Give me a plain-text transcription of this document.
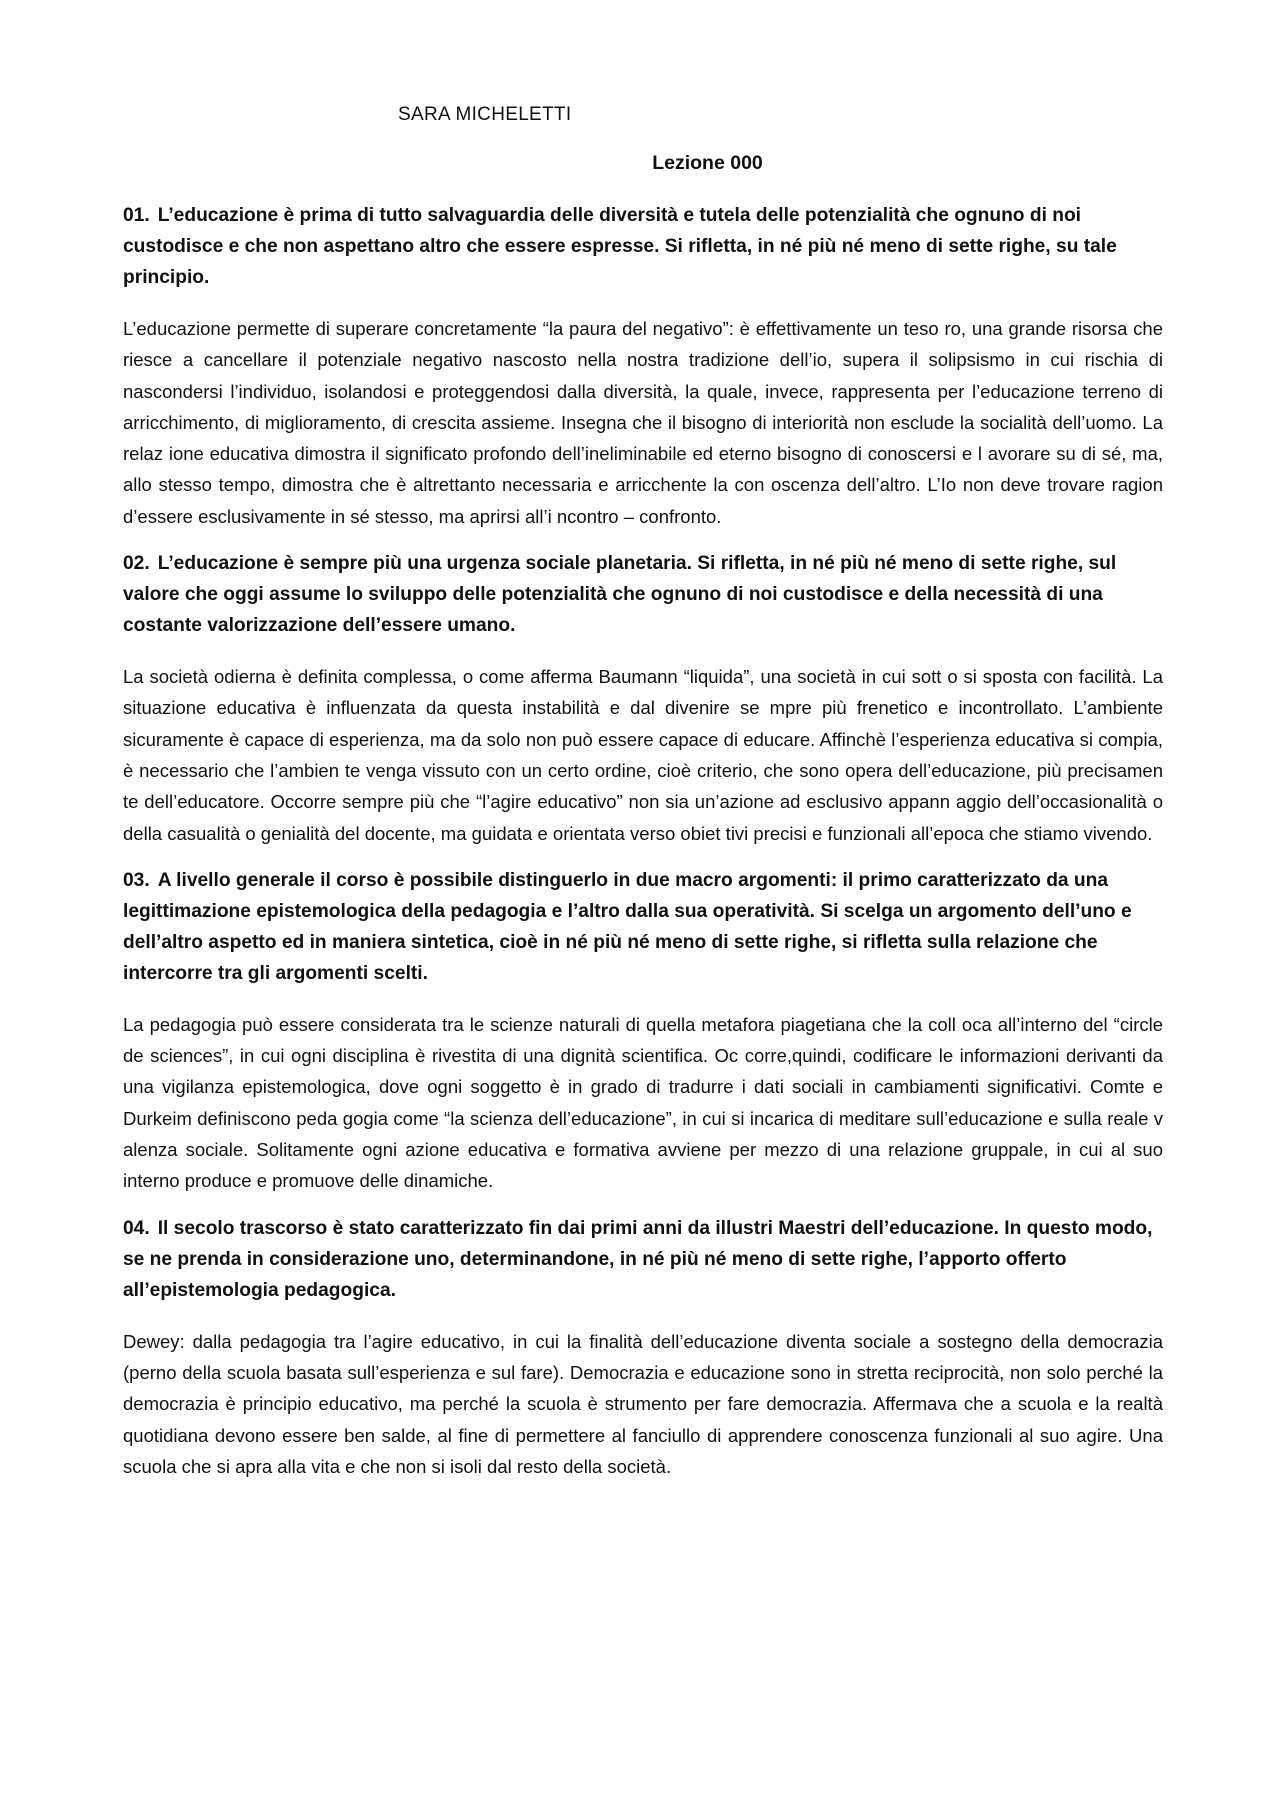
SARA MICHELETTI
Lezione 000

01. L’educazione è prima di tutto salvaguardia delle diversità e tutela delle potenzialità che ognuno di noi custodisce e che non aspettano altro che essere espresse. Si rifletta, in né più né meno di sette righe, su tale principio.

L’educazione permette di superare concretamente “la paura del negativo”: è effettivamente un teso ro, una grande risorsa che riesce a cancellare il potenziale negativo nascosto nella nostra tradizione dell’io, supera il solipsismo in cui rischia di nascondersi l’individuo, isolandosi e proteggendosi dalla diversità, la quale, invece, rappresenta per l’educazione terreno di arricchimento, di miglioramento, di crescita assieme. Insegna che il bisogno di interiorità non esclude la socialità dell’uomo. La relaz ione educativa dimostra il significato profondo dell’ineliminabile ed eterno bisogno di conoscersi e l avorare su di sé, ma, allo stesso tempo, dimostra che è altrettanto necessaria e arricchente la con oscenza dell’altro. L’Io non deve trovare ragion d’essere esclusivamente in sé stesso, ma aprirsi all’i ncontro – confronto.

02. L’educazione è sempre più una urgenza sociale planetaria. Si rifletta, in né più né meno di sette righe, sul valore che oggi assume lo sviluppo delle potenzialità che ognuno di noi custodisce e della necessità di una costante valorizzazione dell’essere umano.

La società odierna è definita complessa, o come afferma Baumann “liquida”, una società in cui sott o si sposta con facilità. La situazione educativa è influenzata da questa instabilità e dal divenire se mpre più frenetico e incontrollato. L’ambiente sicuramente è capace di esperienza, ma da solo non può essere capace di educare. Affinchè l’esperienza educativa si compia, è necessario che l’ambien te venga vissuto con un certo ordine, cioè criterio, che sono opera dell’educazione, più precisamen te dell’educatore. Occorre sempre più che “l’agire educativo” non sia un’azione ad esclusivo appann aggio dell’occasionalità o della casualità o genialità del docente, ma guidata e orientata verso obiet tivi precisi e funzionali all’epoca che stiamo vivendo.

03. A livello generale il corso è possibile distinguerlo in due macro argomenti: il primo caratterizzato da una legittimazione epistemologica della pedagogia e l’altro dalla sua operatività. Si scelga un argomento dell’uno e dell’altro aspetto ed in maniera sintetica, cioè in né più né meno di sette righe, si rifletta sulla relazione che intercorre tra gli argomenti scelti.

La pedagogia può essere considerata tra le scienze naturali di quella metafora piagetiana che la coll oca all’interno del “circle de sciences”, in cui ogni disciplina è rivestita di una dignità scientifica. Oc corre,quindi, codificare le informazioni derivanti da una vigilanza epistemologica, dove ogni soggetto è in grado di tradurre i dati sociali in cambiamenti significativi. Comte e Durkeim definiscono peda gogia come “la scienza dell’educazione”, in cui si incarica di meditare sull’educazione e sulla reale v alenza sociale. Solitamente ogni azione educativa e formativa avviene per mezzo di una relazione gruppale, in cui al suo interno produce e promuove delle dinamiche.

04. Il secolo trascorso è stato caratterizzato fin dai primi anni da illustri Maestri dell’educazione. In questo modo, se ne prenda in considerazione uno, determinandone, in né più né meno di sette righe, l’apporto offerto all’epistemologia pedagogica.

Dewey: dalla pedagogia tra l’agire educativo, in cui la finalità dell’educazione diventa sociale a sostegno della democrazia (perno della scuola basata sull’esperienza e sul fare). Democrazia e educazione sono in stretta reciprocità, non solo perché la democrazia è principio educativo, ma perché la scuola è strumento per fare democrazia. Affermava che a scuola e la realtà quotidiana devono essere ben salde, al fine di permettere al fanciullo di apprendere conoscenza funzionali al suo agire. Una scuola che si apra alla vita e che non si isoli dal resto della società.
